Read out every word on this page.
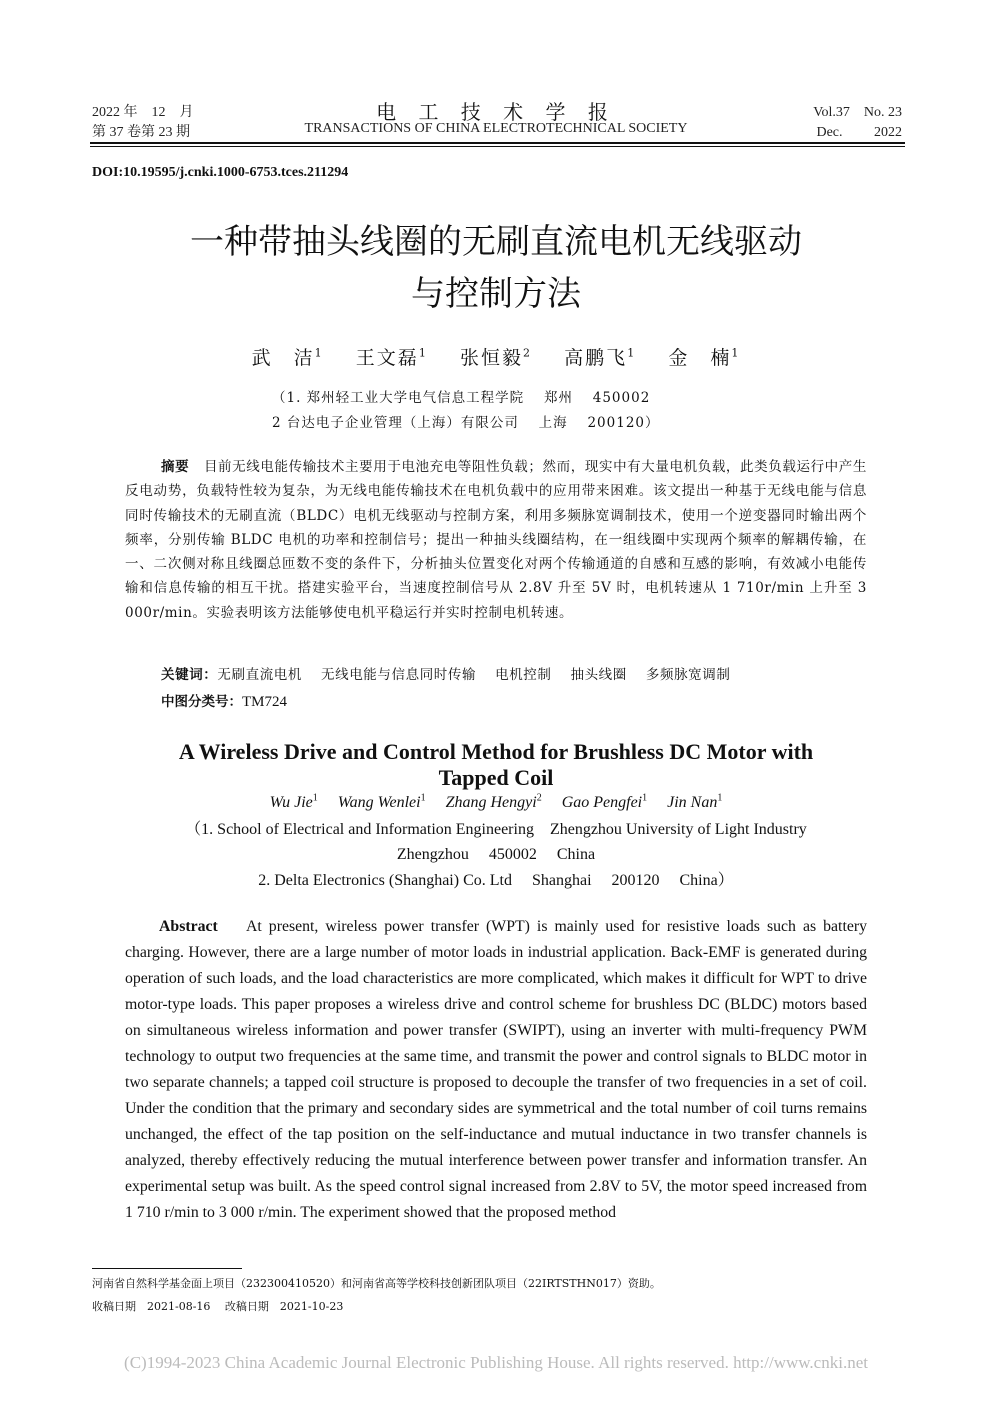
2022 年　12　月
第 37 卷第 23 期
电 工 技 术 学 报
TRANSACTIONS OF CHINA ELECTROTECHNICAL SOCIETY
Vol.37　No. 23
Dec.　　 2022
DOI:10.19595/j.cnki.1000-6753.tces.211294
一种带抽头线圈的无刷直流电机无线驱动
与控制方法
武　洁$^1$ 王文磊$^1$ 张恒毅$^2$ 高鹏飞$^1$ 金　楠$^1$
（1. 郑州轻工业大学电气信息工程学院　 郑州　 450002
2 台达电子企业管理（上海）有限公司　 上海　 200120）
摘要 目前无线电能传输技术主要用于电池充电等阻性负载；然而，现实中有大量电机负载，此类负载运行中产生反电动势，负载特性较为复杂，为无线电能传输技术在电机负载中的应用带来困难。该文提出一种基于无线电能与信息同时传输技术的无刷直流（BLDC）电机无线驱动与控制方案，利用多频脉宽调制技术，使用一个逆变器同时输出两个频率，分别传输 BLDC 电机的功率和控制信号；提出一种抽头线圈结构，在一组线圈中实现两个频率的解耦传输，在一、二次侧对称且线圈总匝数不变的条件下，分析抽头位置变化对两个传输通道的自感和互感的影响，有效减小电能传输和信息传输的相互干扰。搭建实验平台，当速度控制信号从 2.8V 升至 5V 时，电机转速从 1 710r/min 上升至 3 000r/min。实验表明该方法能够使电机平稳运行并实时控制电机转速。
关键词：无刷直流电机　 无线电能与信息同时传输　 电机控制　 抽头线圈　 多频脉宽调制
中图分类号：TM724
A Wireless Drive and Control Method for Brushless DC Motor with
Tapped Coil
Wu Jie$^1$ Wang Wenlei$^1$ Zhang Hengyi$^2$ Gao Pengfei$^1$ Jin Nan$^1$
（1. School of Electrical and Information Engineering　Zhengzhou University of Light Industry
Zhengzhou　 450002　 China
2. Delta Electronics (Shanghai) Co. Ltd　 Shanghai　 200120　 China）
Abstract At present, wireless power transfer (WPT) is mainly used for resistive loads such as battery charging. However, there are a large number of motor loads in industrial application. Back-EMF is generated during operation of such loads, and the load characteristics are more complicated, which makes it difficult for WPT to drive motor-type loads. This paper proposes a wireless drive and control scheme for brushless DC (BLDC) motors based on simultaneous wireless information and power transfer (SWIPT), using an inverter with multi-frequency PWM technology to output two frequencies at the same time, and transmit the power and control signals to BLDC motor in two separate channels; a tapped coil structure is proposed to decouple the transfer of two frequencies in a set of coil. Under the condition that the primary and secondary sides are symmetrical and the total number of coil turns remains unchanged, the effect of the tap position on the self-inductance and mutual inductance in two transfer channels is analyzed, thereby effectively reducing the mutual interference between power transfer and information transfer. An experimental setup was built. As the speed control signal increased from 2.8V to 5V, the motor speed increased from 1 710 r/min to 3 000 r/min. The experiment showed that the proposed method
河南省自然科学基金面上项目（232300410520）和河南省高等学校科技创新团队项目（22IRTSTHN017）资助。
收稿日期　2021-08-16　 改稿日期　2021-10-23
(C)1994-2023 China Academic Journal Electronic Publishing House. All rights reserved. http://www.cnki.net
